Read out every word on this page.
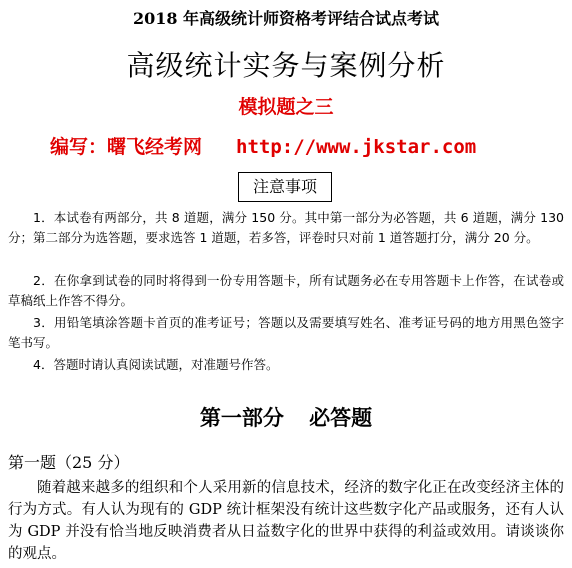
2018 年高级统计师资格考评结合试点考试
高级统计实务与案例分析
模拟题之三
编写：曙飞经考网 http://www.jkstar.com
注意事项
1．本试卷有两部分，共 8 道题，满分 150 分。其中第一部分为必答题，共 6 道题，满分 130 分；第二部分为选答题，要求选答 1 道题，若多答，评卷时只对前 1 道答题打分，满分 20 分。
2．在你拿到试卷的同时将得到一份专用答题卡，所有试题务必在专用答题卡上作答，在试卷或草稿纸上作答不得分。
3．用铅笔填涂答题卡首页的准考证号；答题以及需要填写姓名、准考证号码的地方用黑色签字笔书写。
4．答题时请认真阅读试题，对准题号作答。
第一部分 必答题
第一题（25 分）
随着越来越多的组织和个人采用新的信息技术，经济的数字化正在改变经济主体的行为方式。有人认为现有的 GDP 统计框架没有统计这些数字化产品或服务，还有人认为 GDP 并没有恰当地反映消费者从日益数字化的世界中获得的利益或效用。请谈谈你的观点。
